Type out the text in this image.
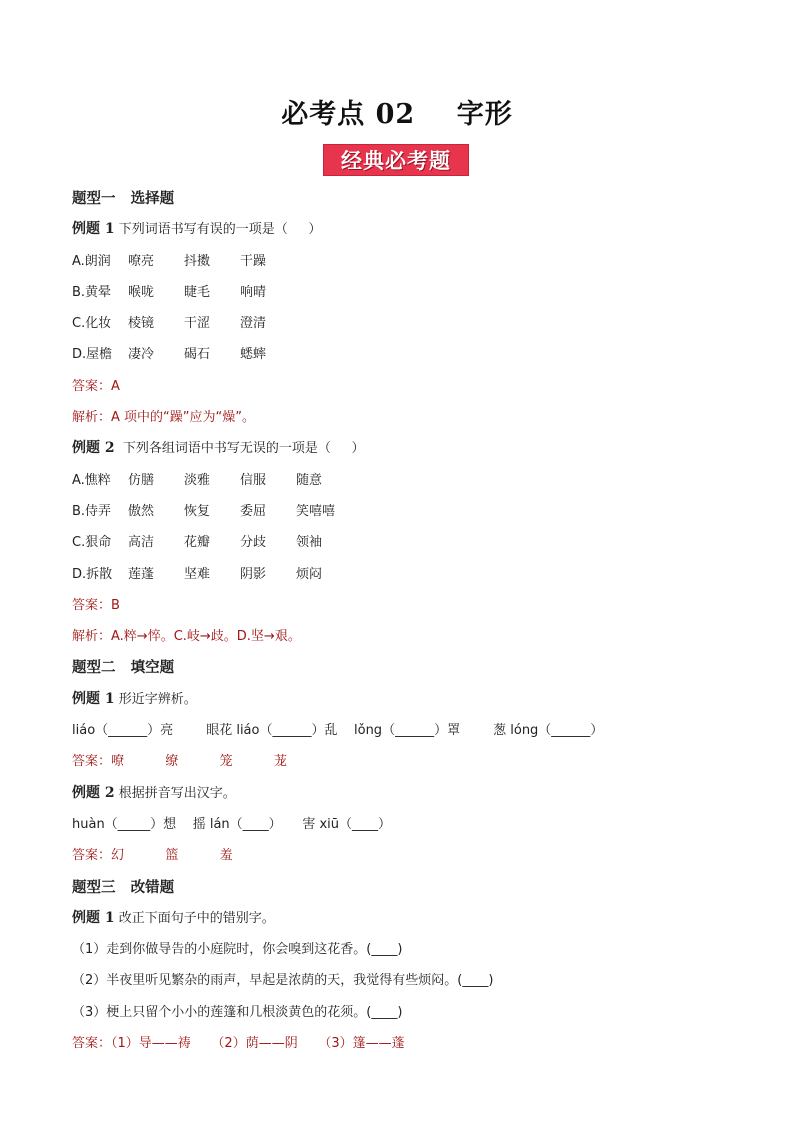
必考点 02    字形
经典必考题
题型一   选择题
例题 1 下列词语书写有误的一项是（     ）
A.朗润 嘹亮 抖擞 干躁
B.黄晕 喉咙 睫毛 响晴
C.化妆 棱镜 干涩 澄清
D.屋檐 凄冷 碣石 蟋蟀
答案：A
解析：A 项中的“躁”应为“燥”。
例题 2  下列各组词语中书写无误的一项是（     ）
A.憔粹 仿膳 淡雅 信服 随意
B.侍弄 傲然 恢复 委屈 笑嘻嘻
C.狠命 高洁 花瓣 分歧 领袖
D.拆散 莲蓬 坚难 阴影 烦闷
答案：B
解析：A.粹→悴。C.岐→歧。D.坚→艰。
题型二   填空题
例题 1 形近字辨析。
liáo（______）亮        眼花 liáo（______）乱    lǒng（______）罩        葱 lóng（______）
答案：嘹          缭          笼          茏
例题 2 根据拼音写出汉字。
huàn（_____）想    摇 lán（____）     害 xiū（____）
答案：幻          篮          羞
题型三   改错题
例题 1 改正下面句子中的错别字。
（1）走到你做导告的小庭院时，你会嗅到这花香。(____)
（2）半夜里听见繁杂的雨声，早起是浓荫的天，我觉得有些烦闷。(____)
（3）梗上只留个小小的莲篷和几根淡黄色的花须。(____)
答案：（1）导——祷     （2）荫——阴     （3）篷——蓬
